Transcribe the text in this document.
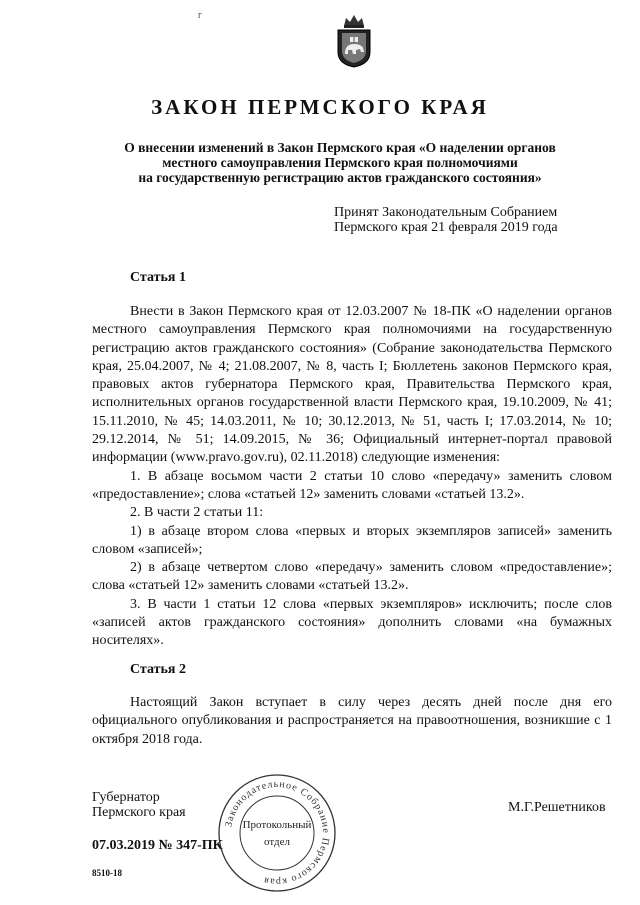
г
ЗАКОН ПЕРМСКОГО КРАЯ
О внесении изменений в Закон Пермского края «О наделении органов
местного самоуправления Пермского края полномочиями
на государственную регистрацию актов гражданского состояния»
Принят Законодательным Собранием
Пермского края 21 февраля 2019 года
Статья 1

Внести в Закон Пермского края от 12.03.2007 № 18-ПК «О наделении органов местного самоуправления Пермского края полномочиями на государственную регистрацию актов гражданского состояния» (Собрание законодательства Пермского края, 25.04.2007, № 4; 21.08.2007, № 8, часть I; Бюллетень законов Пермского края, правовых актов губернатора Пермского края, Правительства Пермского края, исполнительных органов государственной власти Пермского края, 19.10.2009, № 41; 15.11.2010, № 45; 14.03.2011, № 10; 30.12.2013, № 51, часть I; 17.03.2014, № 10; 29.12.2014, № 51; 14.09.2015, № 36; Официальный интернет-портал правовой информации (www.pravo.gov.ru), 02.11.2018) следующие изменения:

1. В абзаце восьмом части 2 статьи 10 слово «передачу» заменить словом «предоставление»; слова «статьей 12» заменить словами «статьей 13.2».

2. В части 2 статьи 11:

1) в абзаце втором слова «первых и вторых экземпляров записей» заменить словом «записей»;

2) в абзаце четвертом слово «передачу» заменить словом «предоставление»; слова «статьей 12» заменить словами «статьей 13.2».

3. В части 1 статьи 12 слова «первых экземпляров» исключить; после слов «записей актов гражданского состояния» дополнить словами «на бумажных носителях».

Статья 2

Настоящий Закон вступает в силу через десять дней после дня его официального опубликования и распространяется на правоотношения, возникшие с 1 октября 2018 года.

Губернатор
Пермского края	М.Г.Решетников
07.03.2019 № 347-ПК
8510-18
Законодательное Собрание Пермского края
Протокольный
отдел
